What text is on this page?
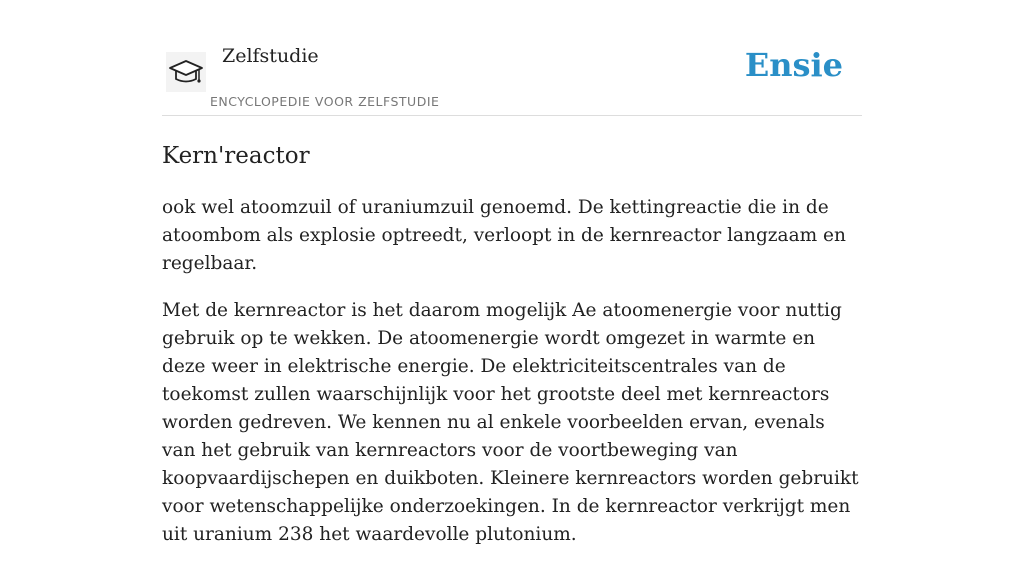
Zelfstudie
ENCYCLOPEDIE VOOR ZELFSTUDIE
Ensie
Kern'reactor

ook wel atoomzuil of uraniumzuil genoemd. De kettingreactie die in de atoombom als explosie optreedt, verloopt in de kernreactor langzaam en regelbaar.

Met de kernreactor is het daarom mogelijk Ae atoomenergie voor nuttig gebruik op te wekken. De atoomenergie wordt omgezet in warmte en deze weer in elektrische energie. De elektriciteitscentrales van de toekomst zullen waarschijnlijk voor het grootste deel met kernreactors worden gedreven. We kennen nu al enkele voorbeelden ervan, evenals van het gebruik van kernreactors voor de voortbeweging van koopvaardijschepen en duikboten. Kleinere kernreactors worden gebruikt voor wetenschappelijke onderzoekingen. In de kernreactor verkrijgt men uit uranium 238 het waardevolle plutonium.
